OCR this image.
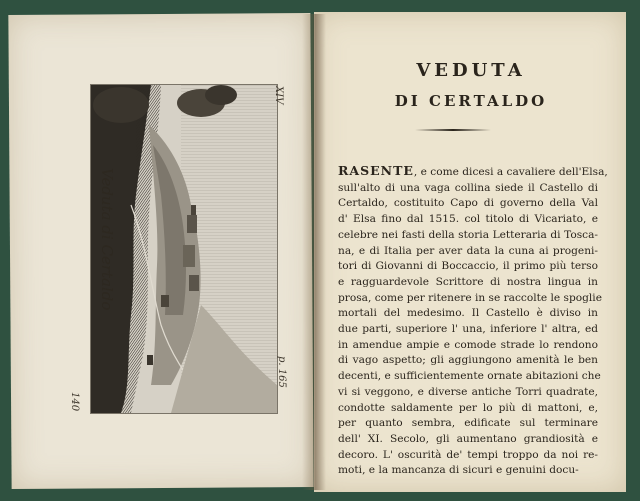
Veduta di Certaldo
XIV
p. 165
140
VEDUTA
DI CERTALDO
RASENTE, e come dicesi a cavaliere dell'Elsa,
sull'alto di una vaga collina siede il Castello di
Certaldo, costituito Capo di governo della Val
d' Elsa fino dal 1515. col titolo di Vicariato, e
celebre nei fasti della storia Letteraria di Tosca-
na, e di Italia per aver data la cuna ai progeni-
tori di Giovanni di Boccaccio, il primo più terso
e ragguardevole Scrittore di nostra lingua in
prosa, come per ritenere in se raccolte le spoglie
mortali del medesimo. Il Castello è diviso in
due parti, superiore l' una, inferiore l' altra, ed
in amendue ampie e comode strade lo rendono
di vago aspetto; gli aggiungono amenità le ben
decenti, e sufficientemente ornate abitazioni che
vi si veggono, e diverse antiche Torri quadrate,
condotte saldamente per lo più di mattoni, e,
per quanto sembra, edificate sul terminare
dell' XI. Secolo, gli aumentano grandiosità e
decoro. L' oscurità de' tempi troppo da noi re-
moti, e la mancanza di sicuri e genuini docu-
